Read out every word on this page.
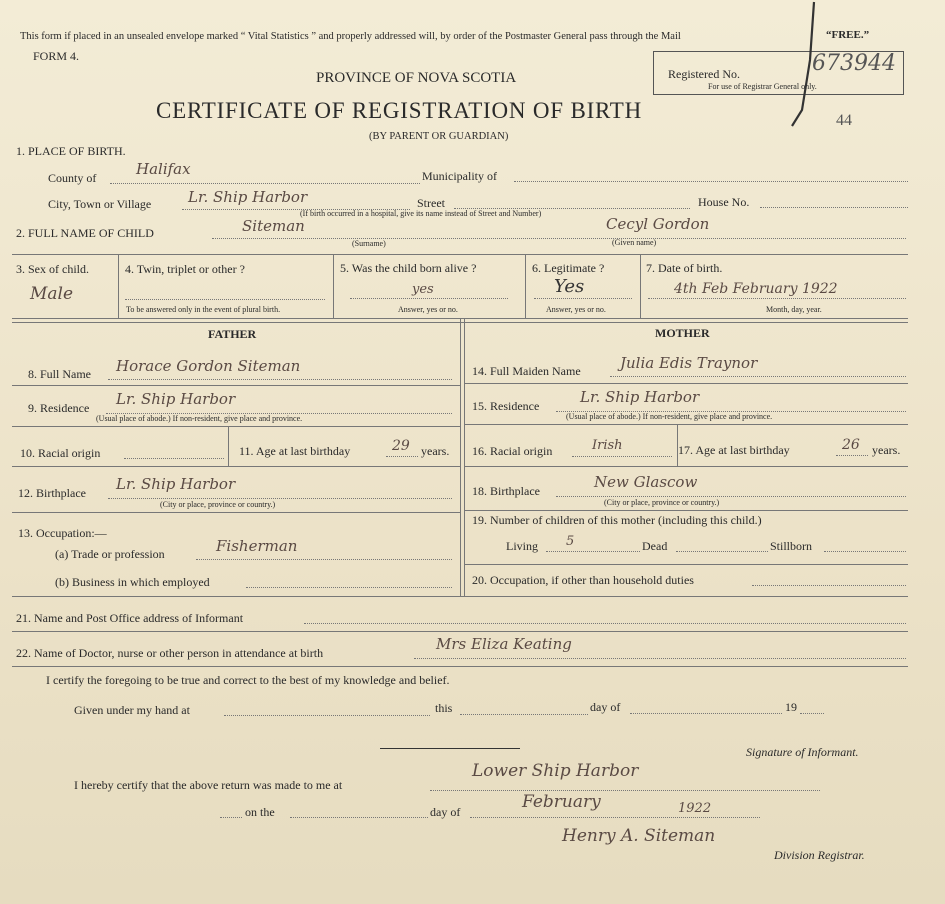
This form if placed in an unsealed envelope marked “ Vital Statistics ” and properly addressed will, by order of the Postmaster General pass through the Mail	“FREE.”
FORM 4.
PROVINCE OF NOVA SCOTIA
CERTIFICATE OF REGISTRATION OF BIRTH
(BY PARENT OR GUARDIAN)
Registered No.
For use of Registrar General only.
673944
44
1. PLACE OF BIRTH.
County of	Halifax	Municipality of
City, Town or Village Lr. Ship Harbor	Street	House No.
(If birth occurred in a hospital, give its name instead of Street and Number)
2. FULL NAME OF CHILD	Siteman
(Surname)
Cecyl Gordon
(Given name)
3. Sex of child.
Male
4. Twin, triplet or other ?
To be answered only in the event of plural birth.
5. Was the child born alive ?
yes
Answer, yes or no.
6. Legitimate ?
Yes
Answer, yes or no.
7. Date of birth.
4th Feb February 1922
Month, day, year.
FATHER	MOTHER
8. Full Name Horace Gordon Siteman
9. Residence Lr. Ship Harbor
(Usual place of abode.) If non-resident, give place and province.
10. Racial origin	11. Age at last birthday	29 years.
12. Birthplace Lr. Ship Harbor
(City or place, province or country.)
13. Occupation:—
(a) Trade or profession	Fisherman
(b) Business in which employed
14. Full Maiden Name	Julia Edis Traynor
15. Residence	Lr. Ship Harbor
(Usual place of abode.) If non-resident, give place and province.
16. Racial origin	Irish	17. Age at last birthday	26 years.
18. Birthplace	New Glascow
(City or place, province or country.)
19. Number of children of this mother (including this child.)
Living 5	Dead	Stillborn
20. Occupation, if other than household duties
21. Name and Post Office address of Informant
22. Name of Doctor, nurse or other person in attendance at birth	Mrs Eliza Keating
I certify the foregoing to be true and correct to the best of my knowledge and belief.
Given under my hand at	this	day of	19
Signature of Informant.
I hereby certify that the above return was made to me at
Lower Ship Harbor
on the	day of	February	1922
Henry A. Siteman
Division Registrar.
